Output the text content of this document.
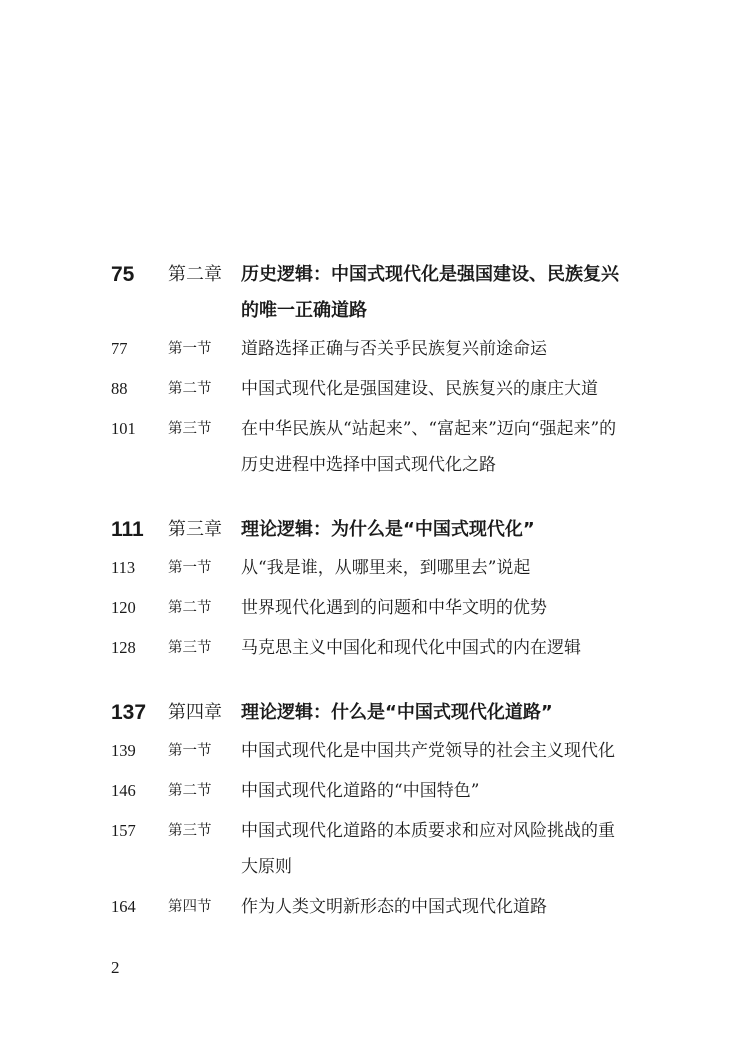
75	第二章	历史逻辑：中国式现代化是强国建设、民族复兴的唯一正确道路
77	第一节	道路选择正确与否关乎民族复兴前途命运
88	第二节	中国式现代化是强国建设、民族复兴的康庄大道
101	第三节	在中华民族从“站起来”、“富起来”迈向“强起来”的历史进程中选择中国式现代化之路
111	第三章	理论逻辑：为什么是“中国式现代化”
113	第一节	从“我是谁，从哪里来，到哪里去”说起
120	第二节	世界现代化遇到的问题和中华文明的优势
128	第三节	马克思主义中国化和现代化中国式的内在逻辑
137	第四章	理论逻辑：什么是“中国式现代化道路”
139	第一节	中国式现代化是中国共产党领导的社会主义现代化
146	第二节	中国式现代化道路的“中国特色”
157	第三节	中国式现代化道路的本质要求和应对风险挑战的重大原则
164	第四节	作为人类文明新形态的中国式现代化道路
2
